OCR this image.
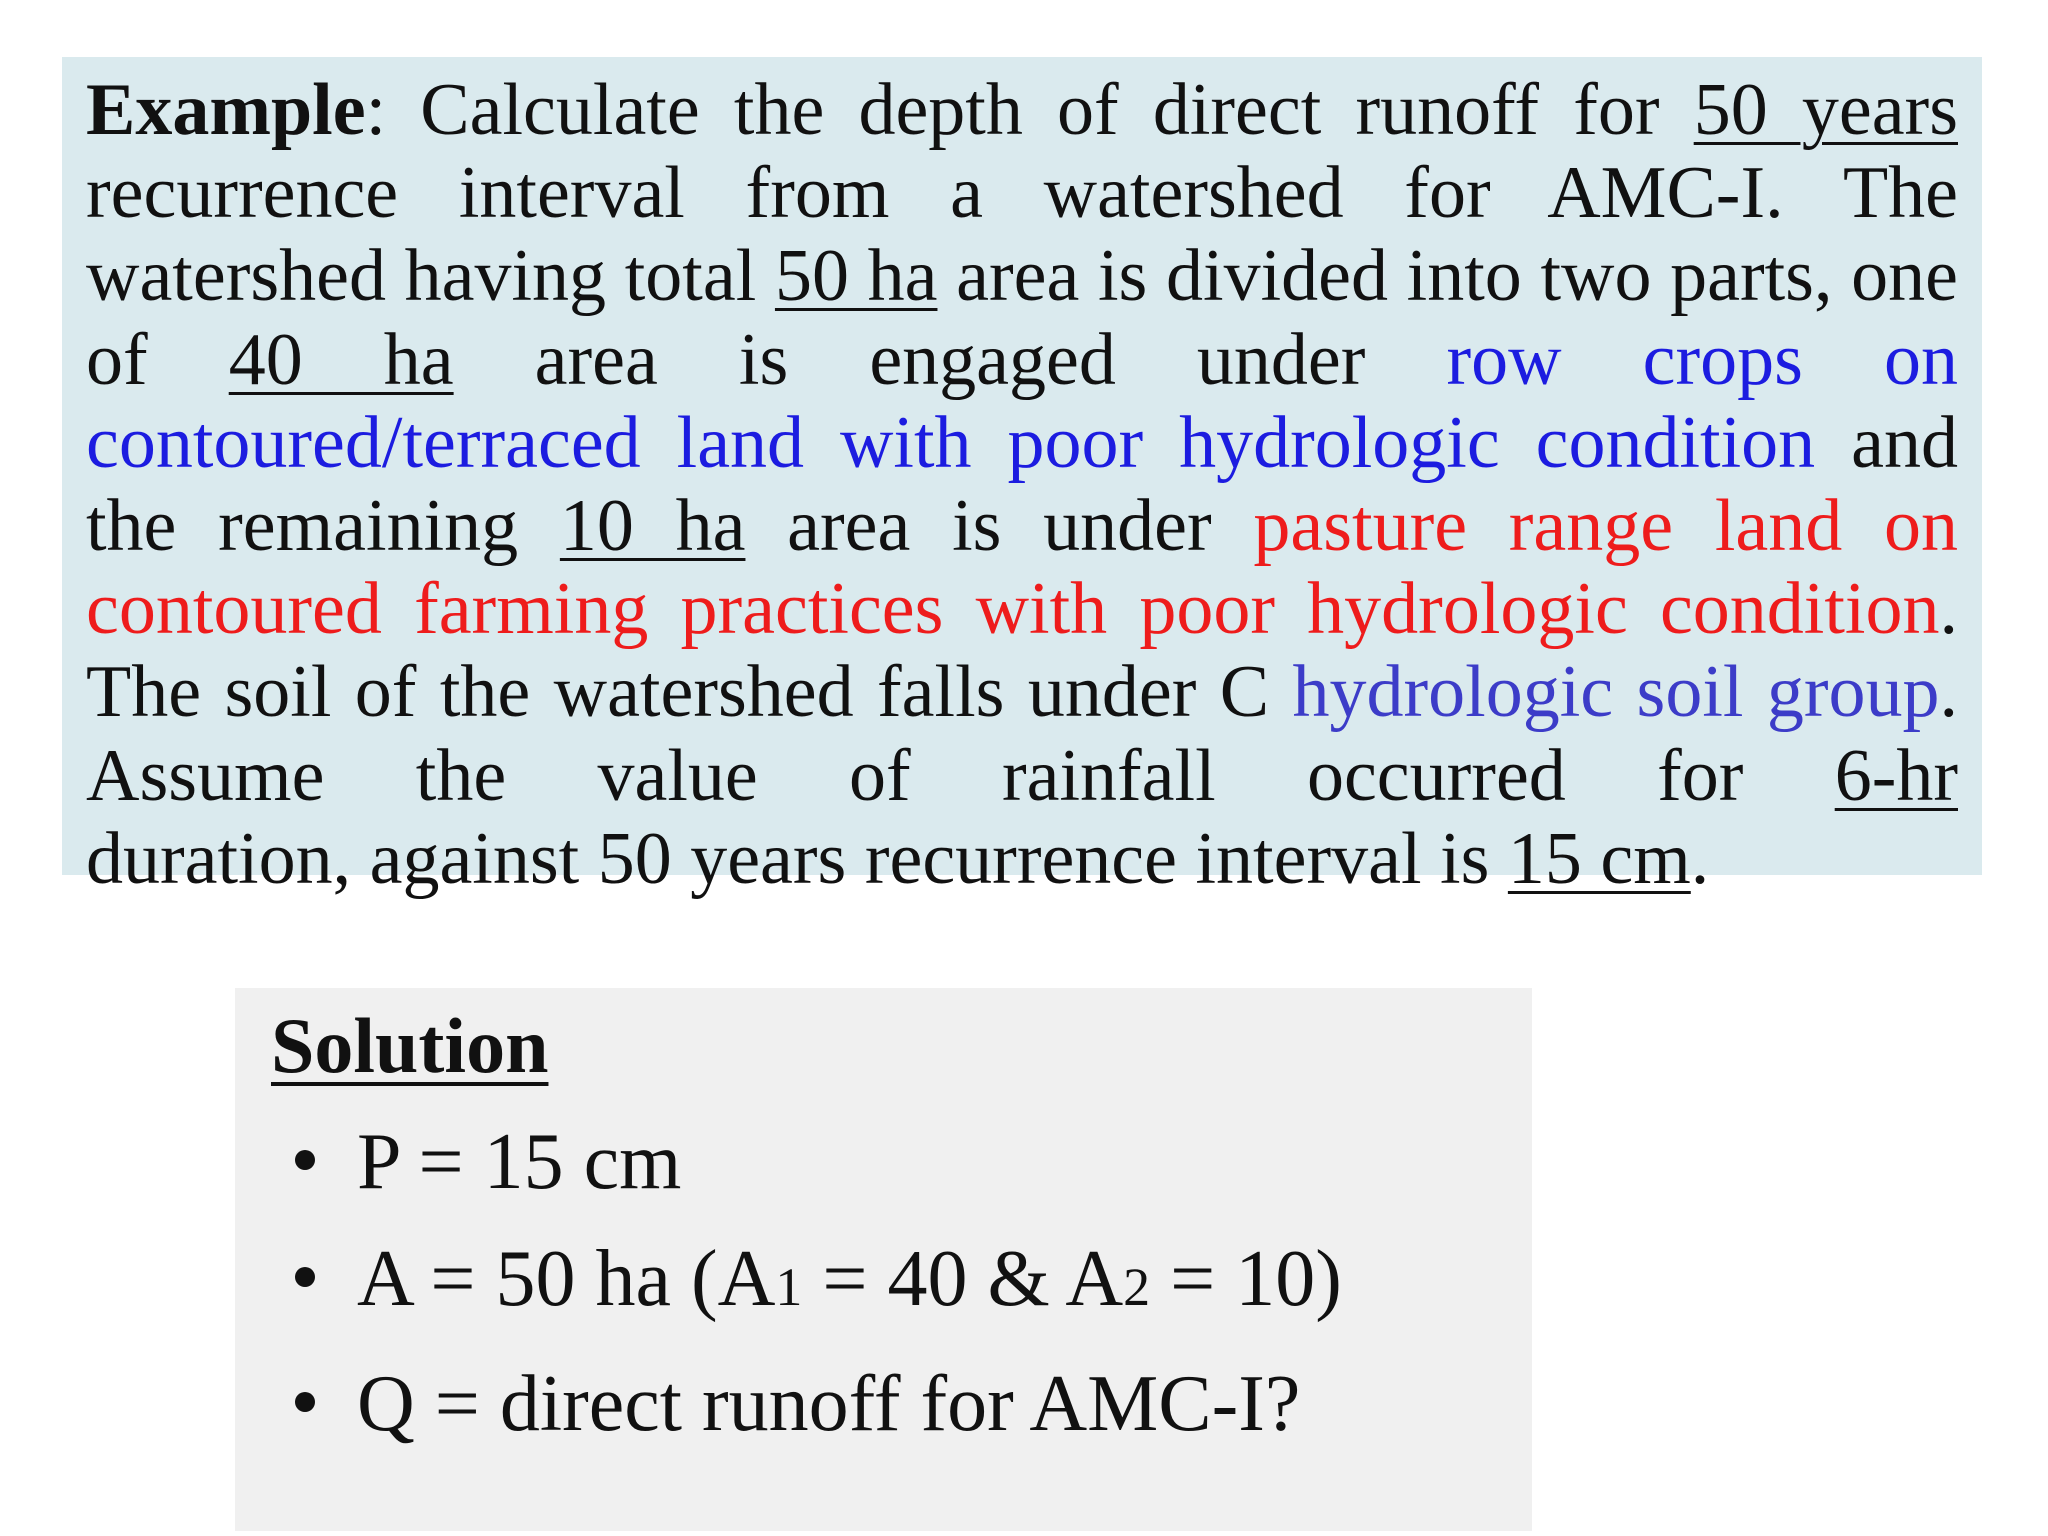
Example: Calculate the depth of direct runoff for 50 years recurrence interval from a watershed for AMC-I. The watershed having total 50 ha area is divided into two parts, one of 40 ha area is engaged under row crops on contoured/terraced land with poor hydrologic condition and the remaining 10 ha area is under pasture range land on contoured farming practices with poor hydrologic condition. The soil of the watershed falls under C hydrologic soil group. Assume the value of rainfall occurred for 6-hr
duration, against 50 years recurrence interval is 15 cm.

Solution
P = 15 cm
A = 50 ha (A1 = 40 & A2 = 10)
Q = direct runoff for AMC-I?
